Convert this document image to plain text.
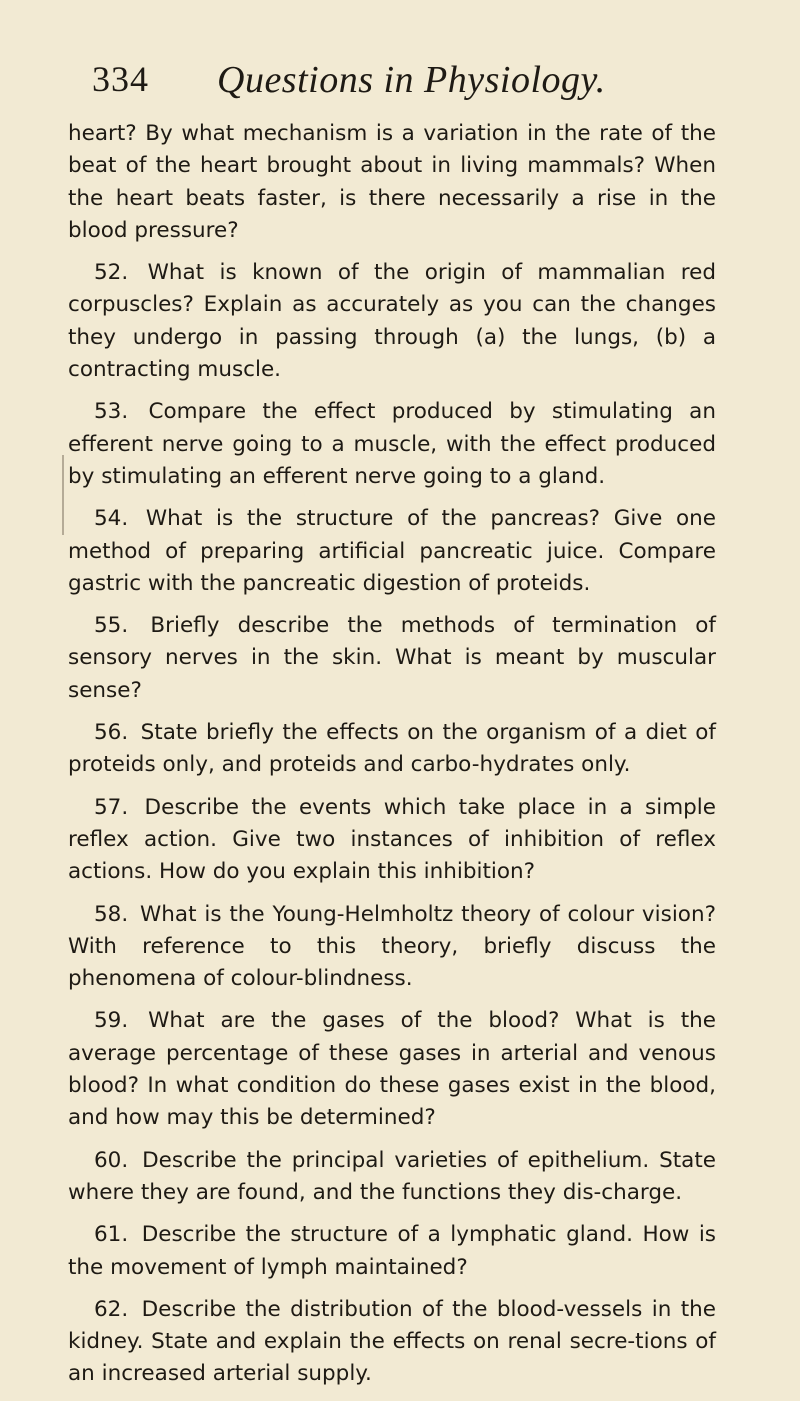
334 Questions in Physiology.

heart? By what mechanism is a variation in the rate of the beat of the heart brought about in living mammals? When the heart beats faster, is there necessarily a rise in the blood pressure?

52. What is known of the origin of mammalian red corpuscles? Explain as accurately as you can the changes they undergo in passing through (a) the lungs, (b) a contracting muscle.

53. Compare the effect produced by stimulating an efferent nerve going to a muscle, with the effect produced by stimulating an efferent nerve going to a gland.

54. What is the structure of the pancreas? Give one method of preparing artificial pancreatic juice. Compare gastric with the pancreatic digestion of proteids.

55. Briefly describe the methods of termination of sensory nerves in the skin. What is meant by muscular sense?

56. State briefly the effects on the organism of a diet of proteids only, and proteids and carbo-hydrates only.

57. Describe the events which take place in a simple reflex action. Give two instances of inhibition of reflex actions. How do you explain this inhibition?

58. What is the Young-Helmholtz theory of colour vision? With reference to this theory, briefly discuss the phenomena of colour-blindness.

59. What are the gases of the blood? What is the average percentage of these gases in arterial and venous blood? In what condition do these gases exist in the blood, and how may this be determined?

60. Describe the principal varieties of epithelium. State where they are found, and the functions they dis-charge.

61. Describe the structure of a lymphatic gland. How is the movement of lymph maintained?

62. Describe the distribution of the blood-vessels in the kidney. State and explain the effects on renal secre-tions of an increased arterial supply.
